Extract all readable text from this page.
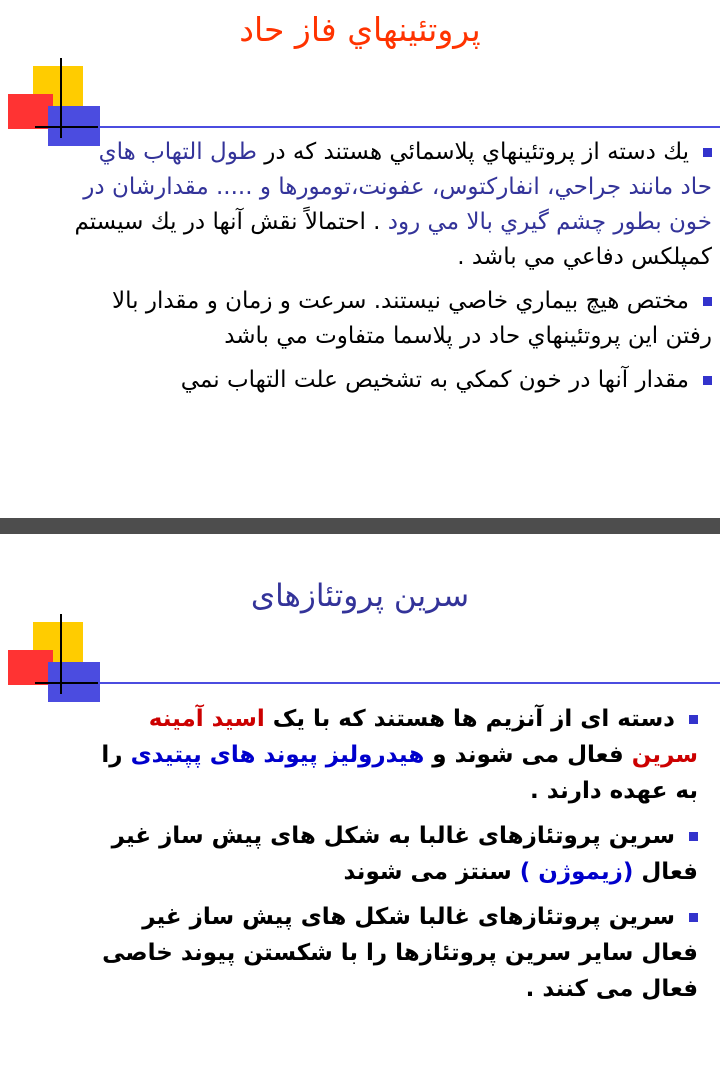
پروتئينهاي فاز حاد
يك دسته از پروتئينهاي پلاسمائي هستند كه در طول التهاب هاي حاد مانند جراحي، انفاركتوس، عفونت،تومورها و ..... مقدارشان در خون بطور چشم گيري بالا مي رود . احتمالاً نقش آنها در يك سيستم كمپلكس دفاعي مي باشد .
مختص هيچ بيماري خاصي نيستند. سرعت و زمان و مقدار بالا رفتن اين پروتئينهاي حاد در پلاسما متفاوت مي باشد
مقدار آنها در خون كمكي به تشخيص علت التهاب نمي
سرين پروتئازهای
دسته ای از آنزیم ها هستند که با یک اسید آمینه سرین فعال می شوند و هیدرولیز پیوند های پپتیدی را به عهده دارند .
سرين پروتئازهای غالبا به شکل های پيش ساز غير فعال (زيموژن ) سنتز می شوند
سرين پروتئازهای غالبا شکل های پيش ساز غير فعال ساير سرين پروتئازها را با شکستن پيوند خاصی فعال می کنند .
